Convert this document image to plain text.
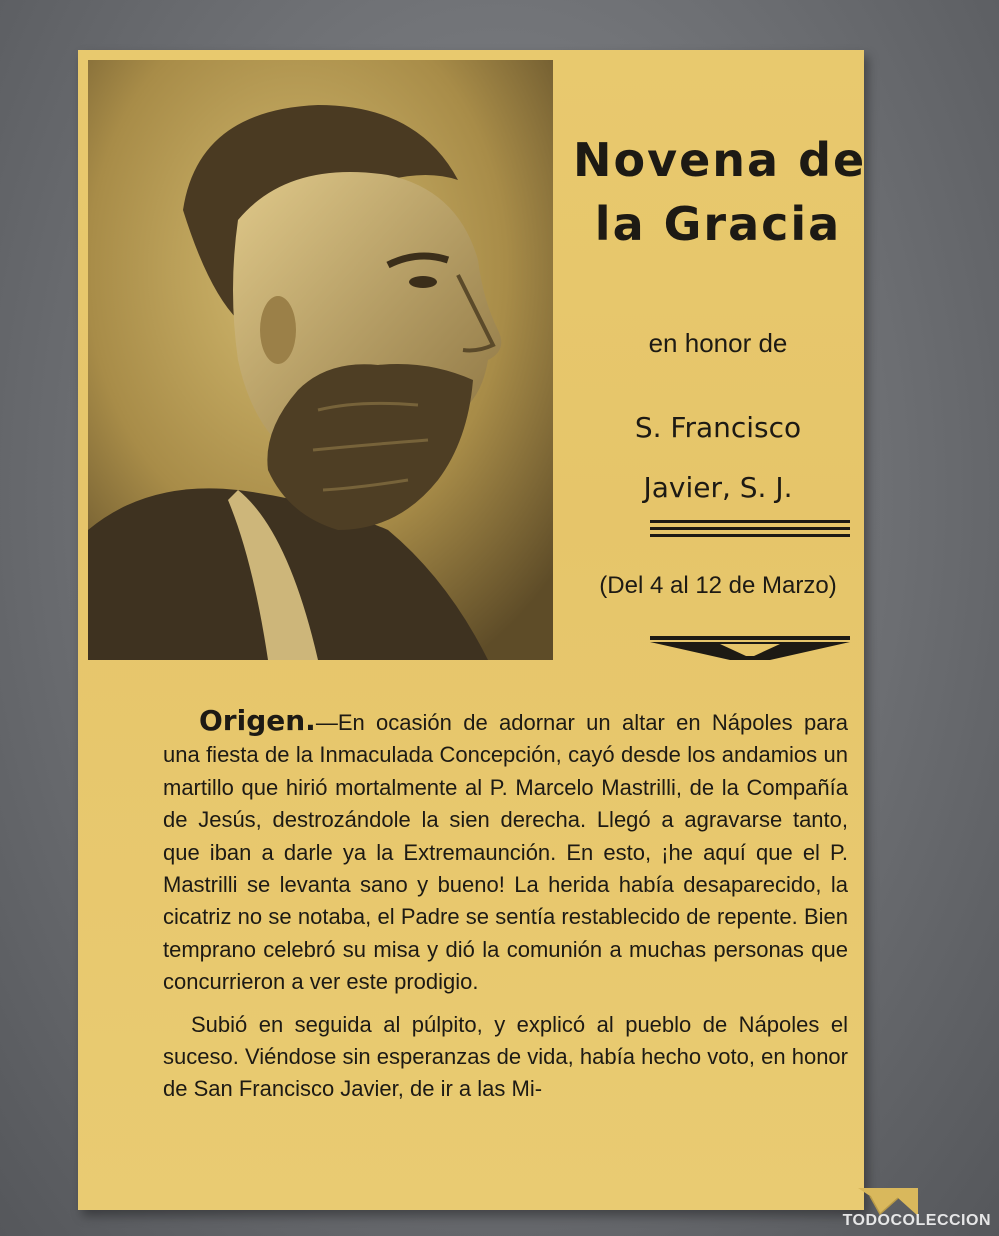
Novena de
la Gracia
en honor de
S. Francisco
Javier, S. J.
(Del 4 al 12 de Marzo)

Origen.—En ocasión de adornar un altar en Nápoles para una fiesta de la Inmaculada Concepción, cayó desde los andamios un martillo que hirió mortalmente al P. Marcelo Mastrilli, de la Compañía de Jesús, destrozándole la sien derecha. Llegó a agravarse tanto, que iban a darle ya la Extremaunción. En esto, ¡he aquí que el P. Mastrilli se levanta sano y bueno! La herida había desaparecido, la cicatriz no se notaba, el Padre se sentía restablecido de repente. Bien temprano celebró su misa y dió la comunión a muchas personas que concurrieron a ver este prodigio.

Subió en seguida al púlpito, y explicó al pueblo de Nápoles el suceso. Viéndose sin esperanzas de vida, había hecho voto, en honor de San Francisco Javier, de ir a las Mi-

TODOCOLECCION
